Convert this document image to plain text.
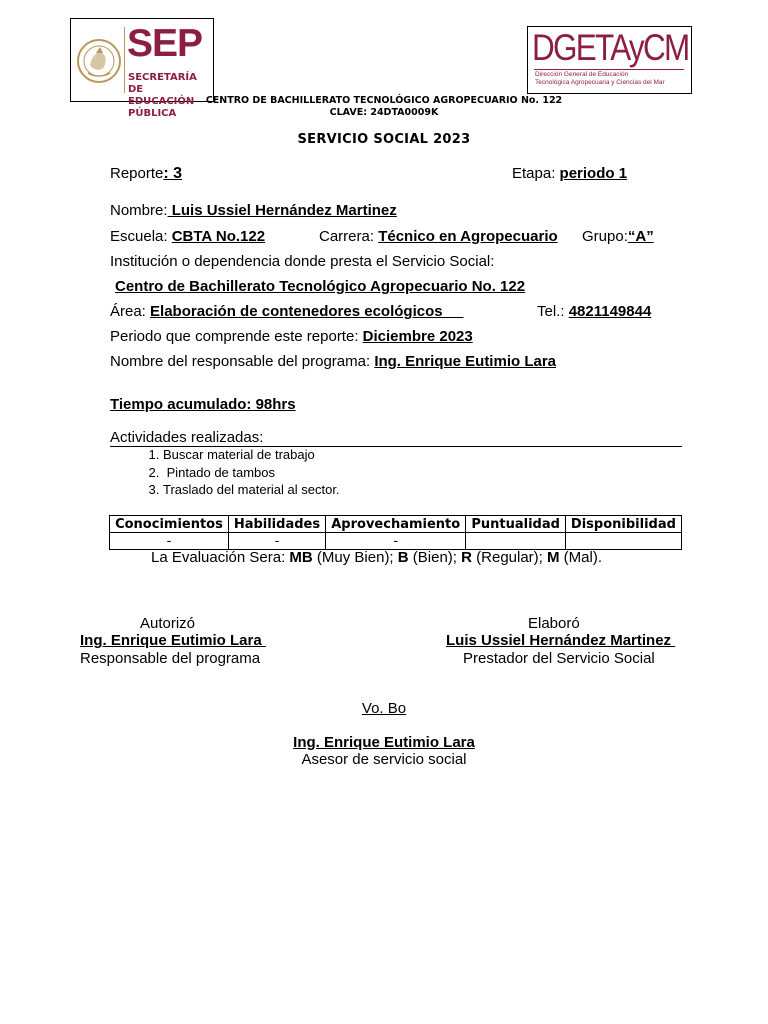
SEP
SECRETARÍA DE
EDUCACIÓN PÚBLICA
DGETAyCM
Dirección General de Educación
Tecnológica Agropecuaria y Ciencias del Mar
CENTRO DE BACHILLERATO TECNOLÓGICO AGROPECUARIO No. 122
CLAVE: 24DTA0009K
SERVICIO SOCIAL 2023
Reporte: 3	Etapa: periodo 1
Nombre: Luis Ussiel Hernández Martinez
Escuela: CBTA No.122	Carrera: Técnico en Agropecuario Grupo:“A”
Institución o dependencia donde presta el Servicio Social:
Centro de Bachillerato Tecnológico Agropecuario No. 122
Área: Elaboración de contenedores ecológicos	Tel.: 4821149844
Periodo que comprende este reporte: Diciembre 2023
Nombre del responsable del programa: Ing. Enrique Eutimio Lara
Tiempo acumulado: 98hrs
Actividades realizadas:
1. Buscar material de trabajo
2.  Pintado de tambos
3. Traslado del material al sector.
Conocimientos	Habilidades	Aprovechamiento	Puntualidad	Disponibilidad
-	-	-		
La Evaluación Sera: MB (Muy Bien); B (Bien); R (Regular); M (Mal).
Autorizó
Ing. Enrique Eutimio Lara
Responsable del programa
Elaboró
Luis Ussiel Hernández Martinez
Prestador del Servicio Social
Vo. Bo
Ing. Enrique Eutimio Lara
Asesor de servicio social
